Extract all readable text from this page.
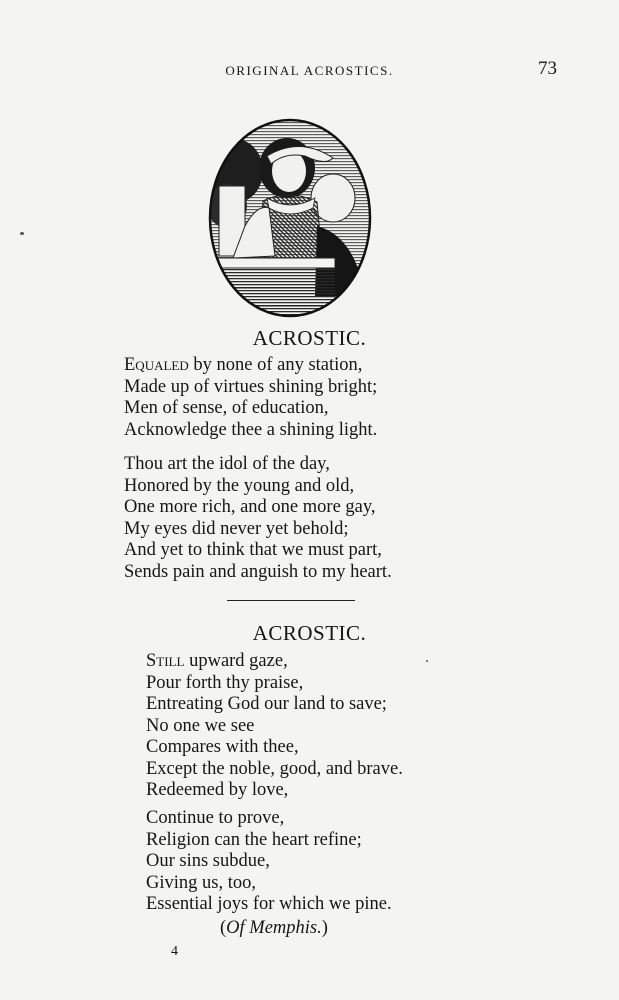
ORIGINAL ACROSTICS.	73
ACROSTIC.
Equaled by none of any station,
Made up of virtues shining bright;
Men of sense, of education,
Acknowledge thee a shining light.
Thou art the idol of the day,
Honored by the young and old,
One more rich, and one more gay,
My eyes did never yet behold;
And yet to think that we must part,
Sends pain and anguish to my heart.
ACROSTIC.
Still upward gaze,
Pour forth thy praise,
Entreating God our land to save;
No one we see
Compares with thee,
Except the noble, good, and brave.
Redeemed by love,
Continue to prove,
Religion can the heart refine;
Our sins subdue,
Giving us, too,
Essential joys for which we pine.
(Of Memphis.)
4
